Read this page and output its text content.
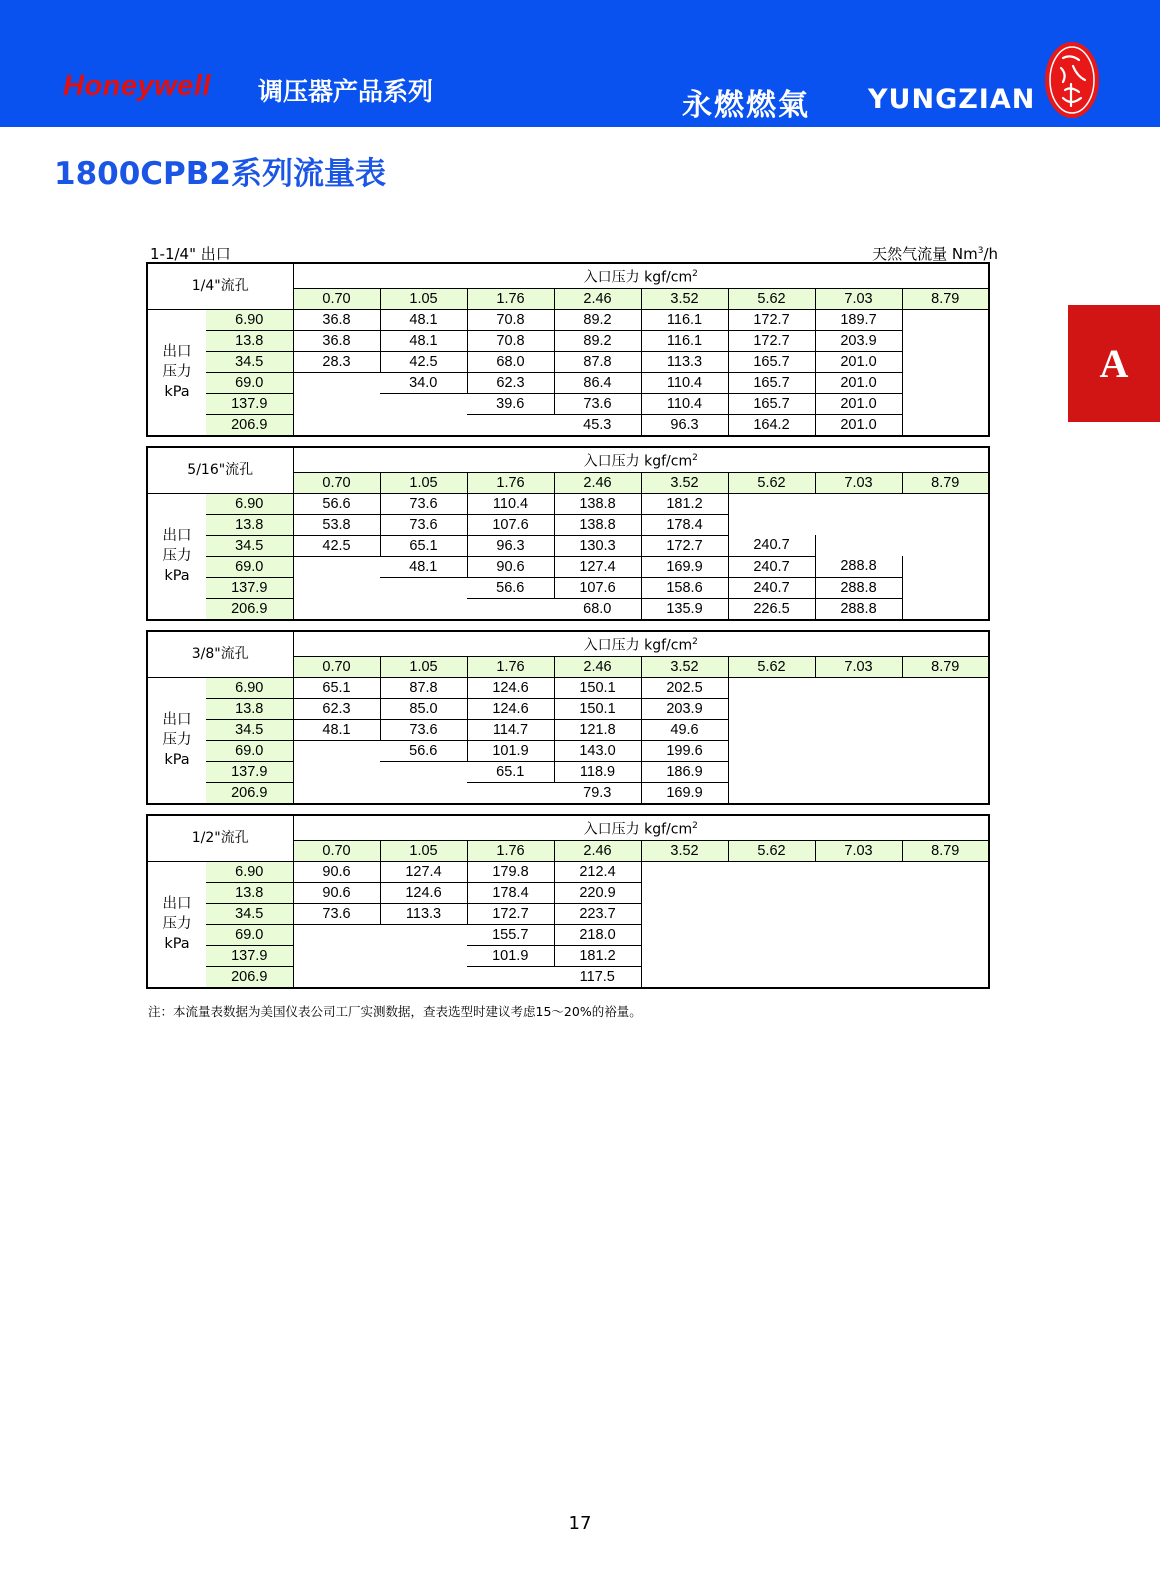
Honeywell 调压器产品系列	永燃燃氣 YUNGZIAN
1800CPB2系列流量表
A
1-1/4" 出口	天然气流量 Nm$^3$/h
1/4"流孔		入口压力 kgf/$cm^2$
		0.70	1.05	1.76	2.46	3.52	5.62	7.03	8.79

出口
压力
kPa	6.90	36.8	48.1	70.8	89.2	116.1	172.7	189.7	
	13.8	36.8	48.1	70.8	89.2	116.1	172.7	203.9	
	34.5	28.3	42.5	68.0	87.8	113.3	165.7	201.0	
	69.0		34.0	62.3	86.4	110.4	165.7	201.0	
	137.9			39.6	73.6	110.4	165.7	201.0	
	206.9				45.3	96.3	164.2	201.0	
5/16"流孔		入口压力 kgf/$cm^2$
		0.70	1.05	1.76	2.46	3.52	5.62	7.03	8.79

出口
压力
kPa	6.90	56.6	73.6	110.4	138.8	181.2			
	13.8	53.8	73.6	107.6	138.8	178.4			
	34.5	42.5	65.1	96.3	130.3	172.7	240.7		
	69.0		48.1	90.6	127.4	169.9	240.7	288.8	
	137.9			56.6	107.6	158.6	240.7	288.8	
	206.9				68.0	135.9	226.5	288.8	
3/8"流孔		入口压力 kgf/$cm^2$
		0.70	1.05	1.76	2.46	3.52	5.62	7.03	8.79

出口
压力
kPa	6.90	65.1	87.8	124.6	150.1	202.5			
	13.8	62.3	85.0	124.6	150.1	203.9			
	34.5	48.1	73.6	114.7	121.8	49.6			
	69.0		56.6	101.9	143.0	199.6			
	137.9			65.1	118.9	186.9			
	206.9				79.3	169.9			
1/2"流孔		入口压力 kgf/$cm^2$
		0.70	1.05	1.76	2.46	3.52	5.62	7.03	8.79

出口
压力
kPa	6.90	90.6	127.4	179.8	212.4				
	13.8	90.6	124.6	178.4	220.9				
	34.5	73.6	113.3	172.7	223.7				
	69.0			155.7	218.0				
	137.9			101.9	181.2				
	206.9				117.5				
注：本流量表数据为美国仪表公司工厂实测数据，查表选型时建议考虑15～20%的裕量。
17
